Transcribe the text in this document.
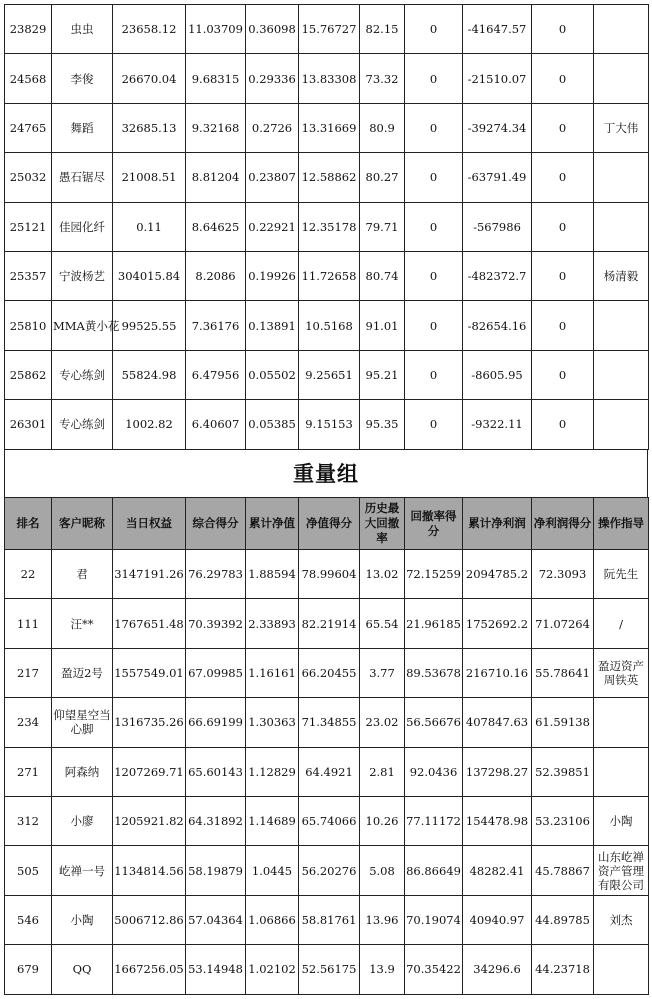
23829	虫虫	23658.12	11.03709	0.36098	15.76727	82.15	0	-41647.57	0	
24568	李俊	26670.04	9.68315	0.29336	13.83308	73.32	0	-21510.07	0	
24765	舞蹈	32685.13	9.32168	0.2726	13.31669	80.9	0	-39274.34	0	丁大伟
25032	愚石锯尽	21008.51	8.81204	0.23807	12.58862	80.27	0	-63791.49	0	
25121	佳园化纤	0.11	8.64625	0.22921	12.35178	79.71	0	-567986	0	
25357	宁波杨艺	304015.84	8.2086	0.19926	11.72658	80.74	0	-482372.7	0	杨清毅
25810	MMA黄小花	99525.55	7.36176	0.13891	10.5168	91.01	0	-82654.16	0	
25862	专心练剑	55824.98	6.47956	0.05502	9.25651	95.21	0	-8605.95	0	
26301	专心练剑	1002.82	6.40607	0.05385	9.15153	95.35	0	-9322.11	0	
重量组
排名	客户昵称	当日权益	综合得分	累计净值	净值得分	历史最大回撤率	回撤率得分	累计净利润	净利润得分	操作指导
22	君	3147191.26	76.29783	1.88594	78.99604	13.02	72.15259	2094785.2	72.3093	阮先生
111	汪**	1767651.48	70.39392	2.33893	82.21914	65.54	21.96185	1752692.2	71.07264	/
217	盈迈2号	1557549.01	67.09985	1.16161	66.20455	3.77	89.53678	216710.16	55.78641	盈迈资产周铁英
234	仰望星空当心脚	1316735.26	66.69199	1.30363	71.34855	23.02	56.56676	407847.63	61.59138	
271	阿森纳	1207269.71	65.60143	1.12829	64.4921	2.81	92.0436	137298.27	52.39851	
312	小廖	1205921.82	64.31892	1.14689	65.74066	10.26	77.11172	154478.98	53.23106	小陶
505	屹禅一号	1134814.56	58.19879	1.0445	56.20276	5.08	86.86649	48282.41	45.78867	山东屹禅资产管理有限公司
546	小陶	5006712.86	57.04364	1.06866	58.81761	13.96	70.19074	40940.97	44.89785	刘杰
679	QQ	1667256.05	53.14948	1.02102	52.56175	13.9	70.35422	34296.6	44.23718	
